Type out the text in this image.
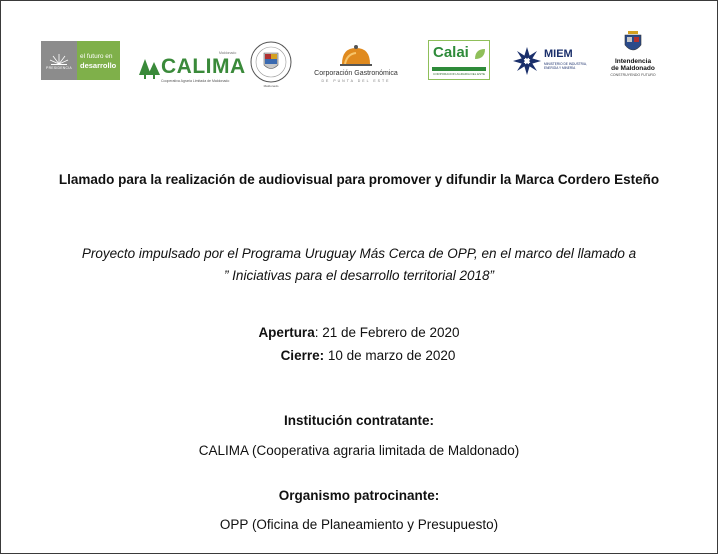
PRESIDENCIA
el futuro en
desarrollo
Maldonado
CALIMA
Cooperativa Agraria Limitada de Maldonado
Maldonado
Corporación Gastronómica
DE PUNTA DEL ESTE
Calai
CORPORACION AGRARIA DEL ESTE
MIEM
MINISTERIO DE INDUSTRIA, ENERGÍA Y MINERÍA
Intendencia
de Maldonado
CONSTRUYENDO FUTURO
Llamado para la realización de audiovisual para promover y difundir la Marca Cordero Esteño
Proyecto impulsado por el Programa Uruguay Más Cerca de OPP, en el marco del llamado a
” Iniciativas para el desarrollo territorial 2018”
Apertura: 21 de Febrero de 2020
Cierre: 10 de marzo de 2020
Institución contratante:
CALIMA (Cooperativa agraria limitada de Maldonado)
Organismo patrocinante:
OPP (Oficina de Planeamiento y Presupuesto)
